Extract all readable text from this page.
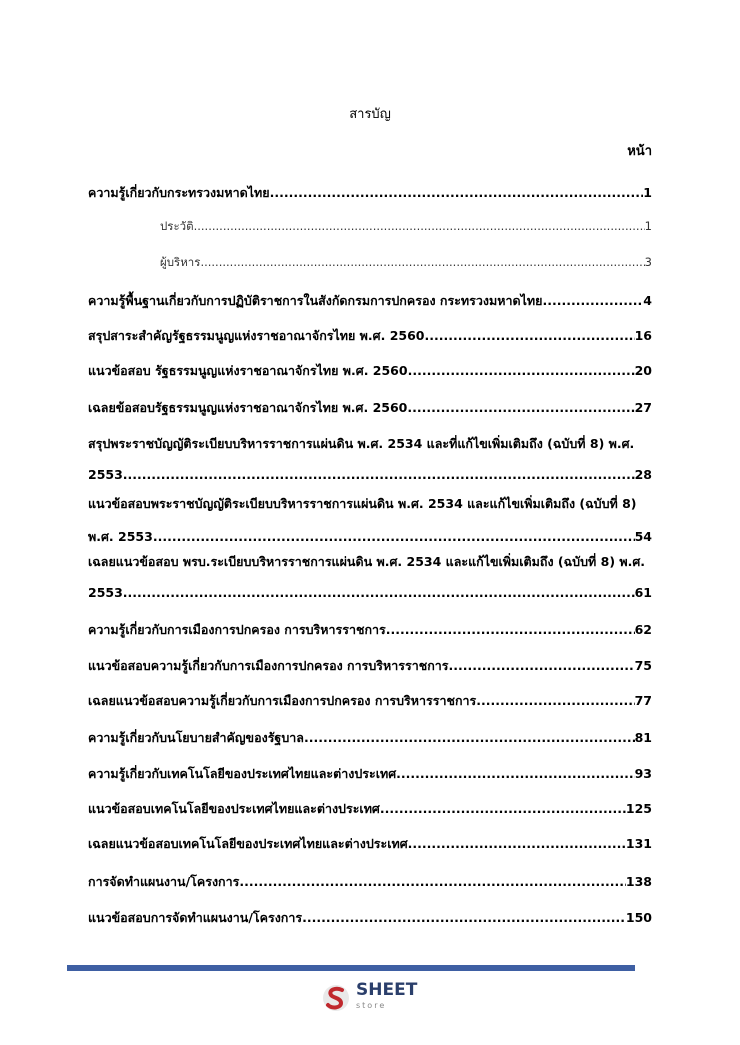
สารบัญ
หน้า
ความรู้เกี่ยวกับกระทรวงมหาดไทย .....	1
ประวัติ .....	1
ผู้บริหาร .....	3
ความรู้พื้นฐานเกี่ยวกับการปฏิบัติราชการในสังกัดกรมการปกครอง กระทรวงมหาดไทย .....	4
สรุปสาระสำคัญรัฐธรรมนูญแห่งราชอาณาจักรไทย พ.ศ. 2560 .....	16
แนวข้อสอบ รัฐธรรมนูญแห่งราชอาณาจักรไทย พ.ศ. 2560 .....	20
เฉลยข้อสอบรัฐธรรมนูญแห่งราชอาณาจักรไทย พ.ศ. 2560 .....	27
สรุปพระราชบัญญัติระเบียบบริหารราชการแผ่นดิน พ.ศ. 2534 และที่แก้ไขเพิ่มเติมถึง (ฉบับที่ 8) พ.ศ.
2553 .....	28
แนวข้อสอบพระราชบัญญัติระเบียบบริหารราชการแผ่นดิน พ.ศ. 2534 และแก้ไขเพิ่มเติมถึง (ฉบับที่ 8)
พ.ศ. 2553 .....	54
เฉลยแนวข้อสอบ พรบ.ระเบียบบริหารราชการแผ่นดิน พ.ศ. 2534 และแก้ไขเพิ่มเติมถึง (ฉบับที่ 8) พ.ศ.
2553 .....	61
ความรู้เกี่ยวกับการเมืองการปกครอง การบริหารราชการ .....	62
แนวข้อสอบความรู้เกี่ยวกับการเมืองการปกครอง การบริหารราชการ .....	75
เฉลยแนวข้อสอบความรู้เกี่ยวกับการเมืองการปกครอง การบริหารราชการ .....	77
ความรู้เกี่ยวกับนโยบายสำคัญของรัฐบาล .....	81
ความรู้เกี่ยวกับเทคโนโลยีของประเทศไทยและต่างประเทศ .....	93
แนวข้อสอบเทคโนโลยีของประเทศไทยและต่างประเทศ .....	125
เฉลยแนวข้อสอบเทคโนโลยีของประเทศไทยและต่างประเทศ .....	131
การจัดทำแผนงาน/โครงการ .....	138
แนวข้อสอบการจัดทำแผนงาน/โครงการ .....	150
SHEET
store
